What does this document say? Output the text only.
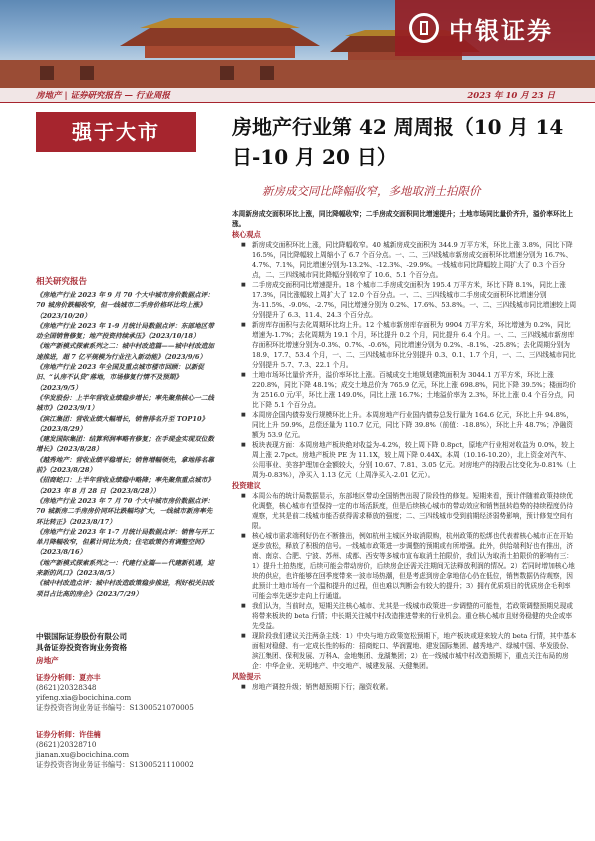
中银证券
房地产 | 证券研究报告 — 行业周报	2023 年 10 月 23 日
强于大市	房地产行业第 42 周周报（10 月 14 日-10 月 20 日）
新房成交同比降幅收窄，多地取消土拍限价
相关研究报告
《房地产行业 2023 年 9 月 70 个大中城市房价数据点评：70 城房价跌幅收窄，但一线城市二手房价格环比均上涨》（2023/10/20）
《房地产行业 2023 年 1-9 月统计局数据点评：东部地区带动全国销售修复；地产投资持续承压》（2023/10/18）
《地产新模式探索系列之二：城中村改造篇——城中村改造加速推进，超 7 亿平规模为行业注入新动能》（2023/9/6）
《房地产行业 2023 年全国及重点城市楼市回顾：以新促旧、“认房不认贷”落地，市场修复行情不及预期》（2023/9/5）
《华发股份：上半年营收业绩稳步增长；率先聚焦核心一二线城市》（2023/9/1）
《滨江集团：营收业绩大幅增长，销售排名升至 TOP10》（2023/8/29）
《建发国际集团：结算利润率略有修复；在手现金实现双位数增长》（2023/8/28）
《越秀地产：营收业绩平稳增长；销售增幅领先，拿地排名靠前》（2023/8/28）
《招商蛇口：上半年营收业绩稳中略降；率先聚焦重点城市》（2023 年 8 月 28 日（2023/8/28））
《房地产行业 2023 年 7 月 70 个大中城市房价数据点评：70 城新房二手房房价同环比跌幅均扩大，一线城市新房率先环比转正》（2023/8/17）
《房地产行业 2023 年 1-7 月统计局数据点评：销售与开工单月降幅收窄，但累计同比为负；住宅政策仍有调整空间》（2023/8/16）
《地产新模式探索系列之一：代建行业篇——代建新机遇，迎来新的风口》（2023/8/5）
《城中村改造点评：城中村改造政策稳步推进，利好相关旧改项目占比高的房企》（2023/7/29）
中银国际证券股份有限公司
具备证券投资咨询业务资格
房地产
证券分析师：夏亦丰
(8621)20328348
yifeng.xia@bocichina.com
证券投资咨询业务证书编号：S1300521070005
证券分析师：许佳楠
(8621)20328710
jianan.xu@bocichina.com
证券投资咨询业务证书编号：S1300521110002
本周新房成交面积环比上涨，同比降幅收窄；二手房成交面积同比增速提升；土地市场同比量价齐升，溢价率环比上涨。
核心观点
■ 新房成交面积环比上涨，同比降幅收窄。40 城新房成交面积为 344.9 万平方米，环比上涨 3.8%，同比下降 16.5%，同比降幅较上周缩小了 6.7 个百分点。一、二、三四线城市新房成交面积环比增速分别为 16.7%、4.7%、7.1%，同比增速分别为-13.2%、-12.3%、-29.9%。一线城市同比降幅较上周扩大了 0.3 个百分点，二、三四线城市同比降幅分别收窄了 10.6、5.1 个百分点。
■ 二手房成交面积同比增速提升。18 个城市二手房成交面积为 195.4 万平方米，环比下降 8.1%，同比上涨 17.3%，同比涨幅较上周扩大了 12.0 个百分点。一、二、三四线城市二手房成交面积环比增速分别为-11.5%、-9.0%、-2.7%，同比增速分别为 0.2%、17.6%、53.8%。一、二、三四线城市同比增速较上周分别提升了 6.3、11.4、24.3 个百分点。
■ 新房库存面积与去化周期环比均上升。12 个城市新房库存面积为 9904 万平方米，环比增速为 0.2%，同比增速为-1.7%；去化周期为 19.1 个月，环比提升 0.2 个月，同比提升 6.4 个月。一、二、三四线城市新房库存面积环比增速分别为-0.3%、0.7%、-0.6%，同比增速分别为 0.2%、-8.1%、-25.8%；去化周期分别为 18.9、17.7、53.4 个月，一、二、三四线城市环比分别提升 0.3、0.1、1.7 个月，一、二、三四线城市同比分别提升 5.7、7.3、22.1 个月。
■ 土地市场环比量价齐升，溢价率环比上涨。百城成交土地规划建筑面积为 3044.1 万平方米，环比上涨 220.8%，同比下降 48.1%；成交土地总价为 765.9 亿元，环比上涨 698.8%，同比下降 39.5%；楼面均价为 2516.0 元/平，环比上涨 149.0%，同比上涨 16.7%；土地溢价率为 2.3%，环比上涨 0.4 个百分点，同比下降 5.1 个百分点。
■ 本周房企国内债券发行规模环比上升。本周房地产行业国内债券总发行量为 164.6 亿元，环比上升 94.8%，同比上升 59.9%，总偿还量为 110.7 亿元，同比下降 39.8%（前值：-18.8%），环比上升 48.7%；净融资额为 53.9 亿元。
■ 板块表现方面：本周房地产板块绝对收益为-4.2%，较上周下降 0.8pct，原地产行业相对收益为 0.0%，较上周上涨 2.7pct。房地产板块 PE 为 11.1X，较上周下降 0.44X。本周（10.16-10.20），北上资金对汽车、公用事业、美容护理加仓金额较大，分别 10.67、7.81、3.05 亿元。对房地产的持股占比变化为-0.81%（上周为-0.83%），净买入 1.13 亿元（上周净买入-2.01 亿元）。
投资建议
■ 本周公布的统计局数据显示，东部地区带动全国销售出现了阶段性的修复。短期来看，预计伴随着政策持续优化调整，核心城市有望保持一定的市场活跃度，但是后续核心城市的带动效应和销售扭转趋势的持续程度仍待观察，尤其是前二线城市能否获得需求释放的强度；二、三四线城市受到前期经济弱势影响，预计修复空间有限。
■ 核心城市需求端利好仍在不断推出，例如杭州主城区外取消限购，杭州政策的松绑也代表着核心城市正在开始逐步放松，释放了积极的信号。一线城市政策进一步调整的预期或有所增强。此外，供给端利好也有推出，济南、南京、合肥、宁波、苏州、成都、西安等多城市宣布取消土拍限价，我们认为取消土拍限价的影响有三：1）提升土拍热度，后续可能会带动房价，后续房企还需关注期间无法释放利润的情况。2）若同时增加核心地块的供应，也许能够在回季度带来一波市场热潮，但是考虑到房企拿地信心仍在低位，销售数据仍待观察，因此预计土地市场有一个温和提升的过程，但也难以判断会有较大的提升；3）拥有优质项目的优质房企毛利率可能会率先逐步走向上行通道。
■ 我们认为，当前时点，短期关注核心城市、尤其是一线城市政策进一步调整的可能性，若政策调整预期兑现或将带来板块的 beta 行情；中长期关注城中村改造推进带来的行业机会。重仓核心城市且财务稳健的央企或率先受益。
■ 现阶段我们建议关注两条主线：1）中央与地方政策宽松预期下，地产板块或迎来较大的 beta 行情，其中基本面相对稳健、有一定成长性的标的：招商蛇口、华润置地、建发国际集团、越秀地产、绿城中国、华发股份、滨江集团、保利发展、万科A、金地集团、龙湖集团；2）在一线城市城中村改造预期下，重点关注布局的房企：中华企业、光明地产、中交地产、城建发展、天健集团。
风险提示
■ 房地产调控升级；销售超预期下行；融资收紧。
